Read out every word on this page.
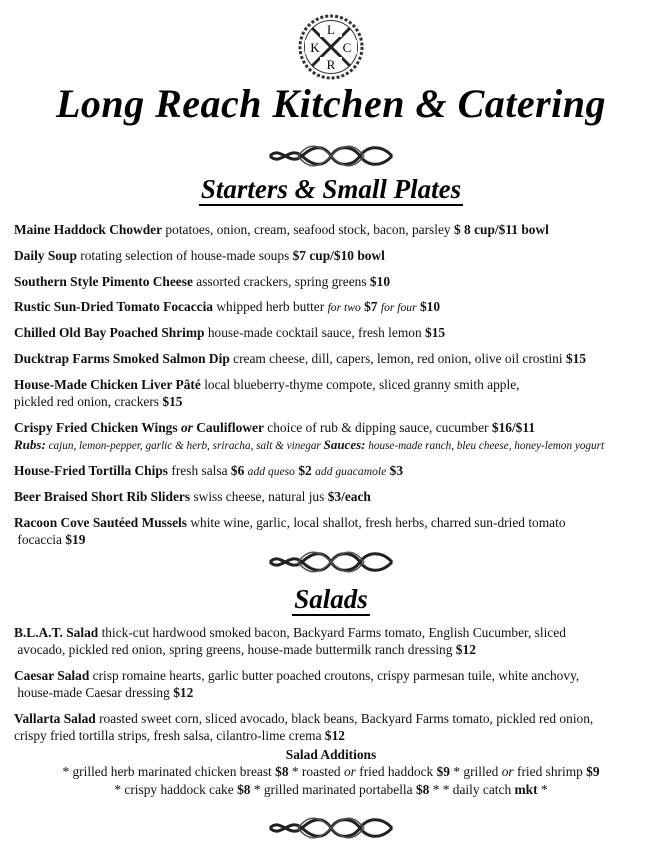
L
K C
R
Long Reach Kitchen & Catering
Starters & Small Plates
Maine Haddock Chowder potatoes, onion, cream, seafood stock, bacon, parsley $ 8 cup/$11 bowl
Daily Soup rotating selection of house-made soups $7 cup/$10 bowl
Southern Style Pimento Cheese assorted crackers, spring greens $10
Rustic Sun-Dried Tomato Focaccia whipped herb butter for two $7 for four $10
Chilled Old Bay Poached Shrimp house-made cocktail sauce, fresh lemon $15
Ducktrap Farms Smoked Salmon Dip cream cheese, dill, capers, lemon, red onion, olive oil crostini $15
House-Made Chicken Liver Pâté local blueberry-thyme compote, sliced granny smith apple,
pickled red onion, crackers $15
Crispy Fried Chicken Wings or Cauliflower choice of rub & dipping sauce, cucumber $16/$11
Rubs: cajun, lemon-pepper, garlic & herb, sriracha, salt & vinegar Sauces: house-made ranch, bleu cheese, honey-lemon yogurt
House-Fried Tortilla Chips fresh salsa $6 add queso $2 add guacamole $3
Beer Braised Short Rib Sliders swiss cheese, natural jus $3/each
Racoon Cove Sautéed Mussels white wine, garlic, local shallot, fresh herbs, charred sun-dried tomato
focaccia $19
Salads
B.L.A.T. Salad thick-cut hardwood smoked bacon, Backyard Farms tomato, English Cucumber, sliced
avocado, pickled red onion, spring greens, house-made buttermilk ranch dressing $12
Caesar Salad crisp romaine hearts, garlic butter poached croutons, crispy parmesan tuile, white anchovy,
house-made Caesar dressing $12
Vallarta Salad roasted sweet corn, sliced avocado, black beans, Backyard Farms tomato, pickled red onion,
crispy fried tortilla strips, fresh salsa, cilantro-lime crema $12
Salad Additions
* grilled herb marinated chicken breast $8 * roasted or fried haddock $9 * grilled or fried shrimp $9
* crispy haddock cake $8 * grilled marinated portabella $8 * * daily catch mkt *
